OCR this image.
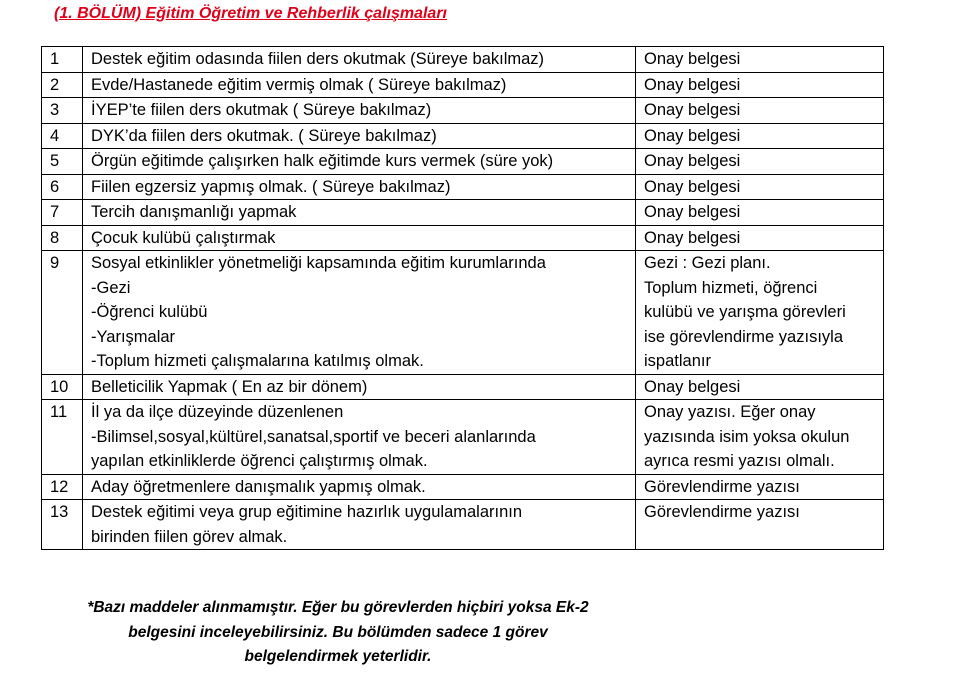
(1. BÖLÜM) Eğitim Öğretim ve Rehberlik çalışmaları
1	Destek eğitim odasında fiilen ders okutmak (Süreye bakılmaz)	Onay belgesi

2	Evde/Hastanede eğitim vermiş olmak ( Süreye bakılmaz)	Onay belgesi

3	İYEP’te fiilen ders okutmak ( Süreye bakılmaz)	Onay belgesi

4	DYK’da fiilen ders okutmak. ( Süreye bakılmaz)	Onay belgesi

5	Örgün eğitimde çalışırken halk eğitimde kurs vermek (süre yok)	Onay belgesi

6	Fiilen egzersiz yapmış olmak. ( Süreye bakılmaz)	Onay belgesi

7	Tercih danışmanlığı yapmak	Onay belgesi

8	Çocuk kulübü çalıştırmak	Onay belgesi

9	Sosyal etkinlikler yönetmeliği kapsamında eğitim kurumlarında
-Gezi
-Öğrenci kulübü
-Yarışmalar
-Toplum hizmeti çalışmalarına katılmış olmak.	Gezi : Gezi planı.
Toplum hizmeti, öğrenci
kulübü ve yarışma görevleri
ise görevlendirme yazısıyla
ispatlanır

10	Belleticilik Yapmak ( En az bir dönem)	Onay belgesi

11	İl ya da ilçe düzeyinde düzenlenen
-Bilimsel,sosyal,kültürel,sanatsal,sportif ve beceri alanlarında
yapılan etkinliklerde öğrenci çalıştırmış olmak.	Onay yazısı. Eğer onay
yazısında isim yoksa okulun
ayrıca resmi yazısı olmalı.

12	Aday öğretmenlere danışmalık yapmış olmak.	Görevlendirme yazısı

13	Destek eğitimi veya grup eğitimine hazırlık uygulamalarının
birinden fiilen görev almak.	Görevlendirme yazısı
*Bazı maddeler alınmamıştır. Eğer bu görevlerden hiçbiri yoksa Ek-2
belgesini inceleyebilirsiniz. Bu bölümden sadece 1 görev
belgelendirmek yeterlidir.
